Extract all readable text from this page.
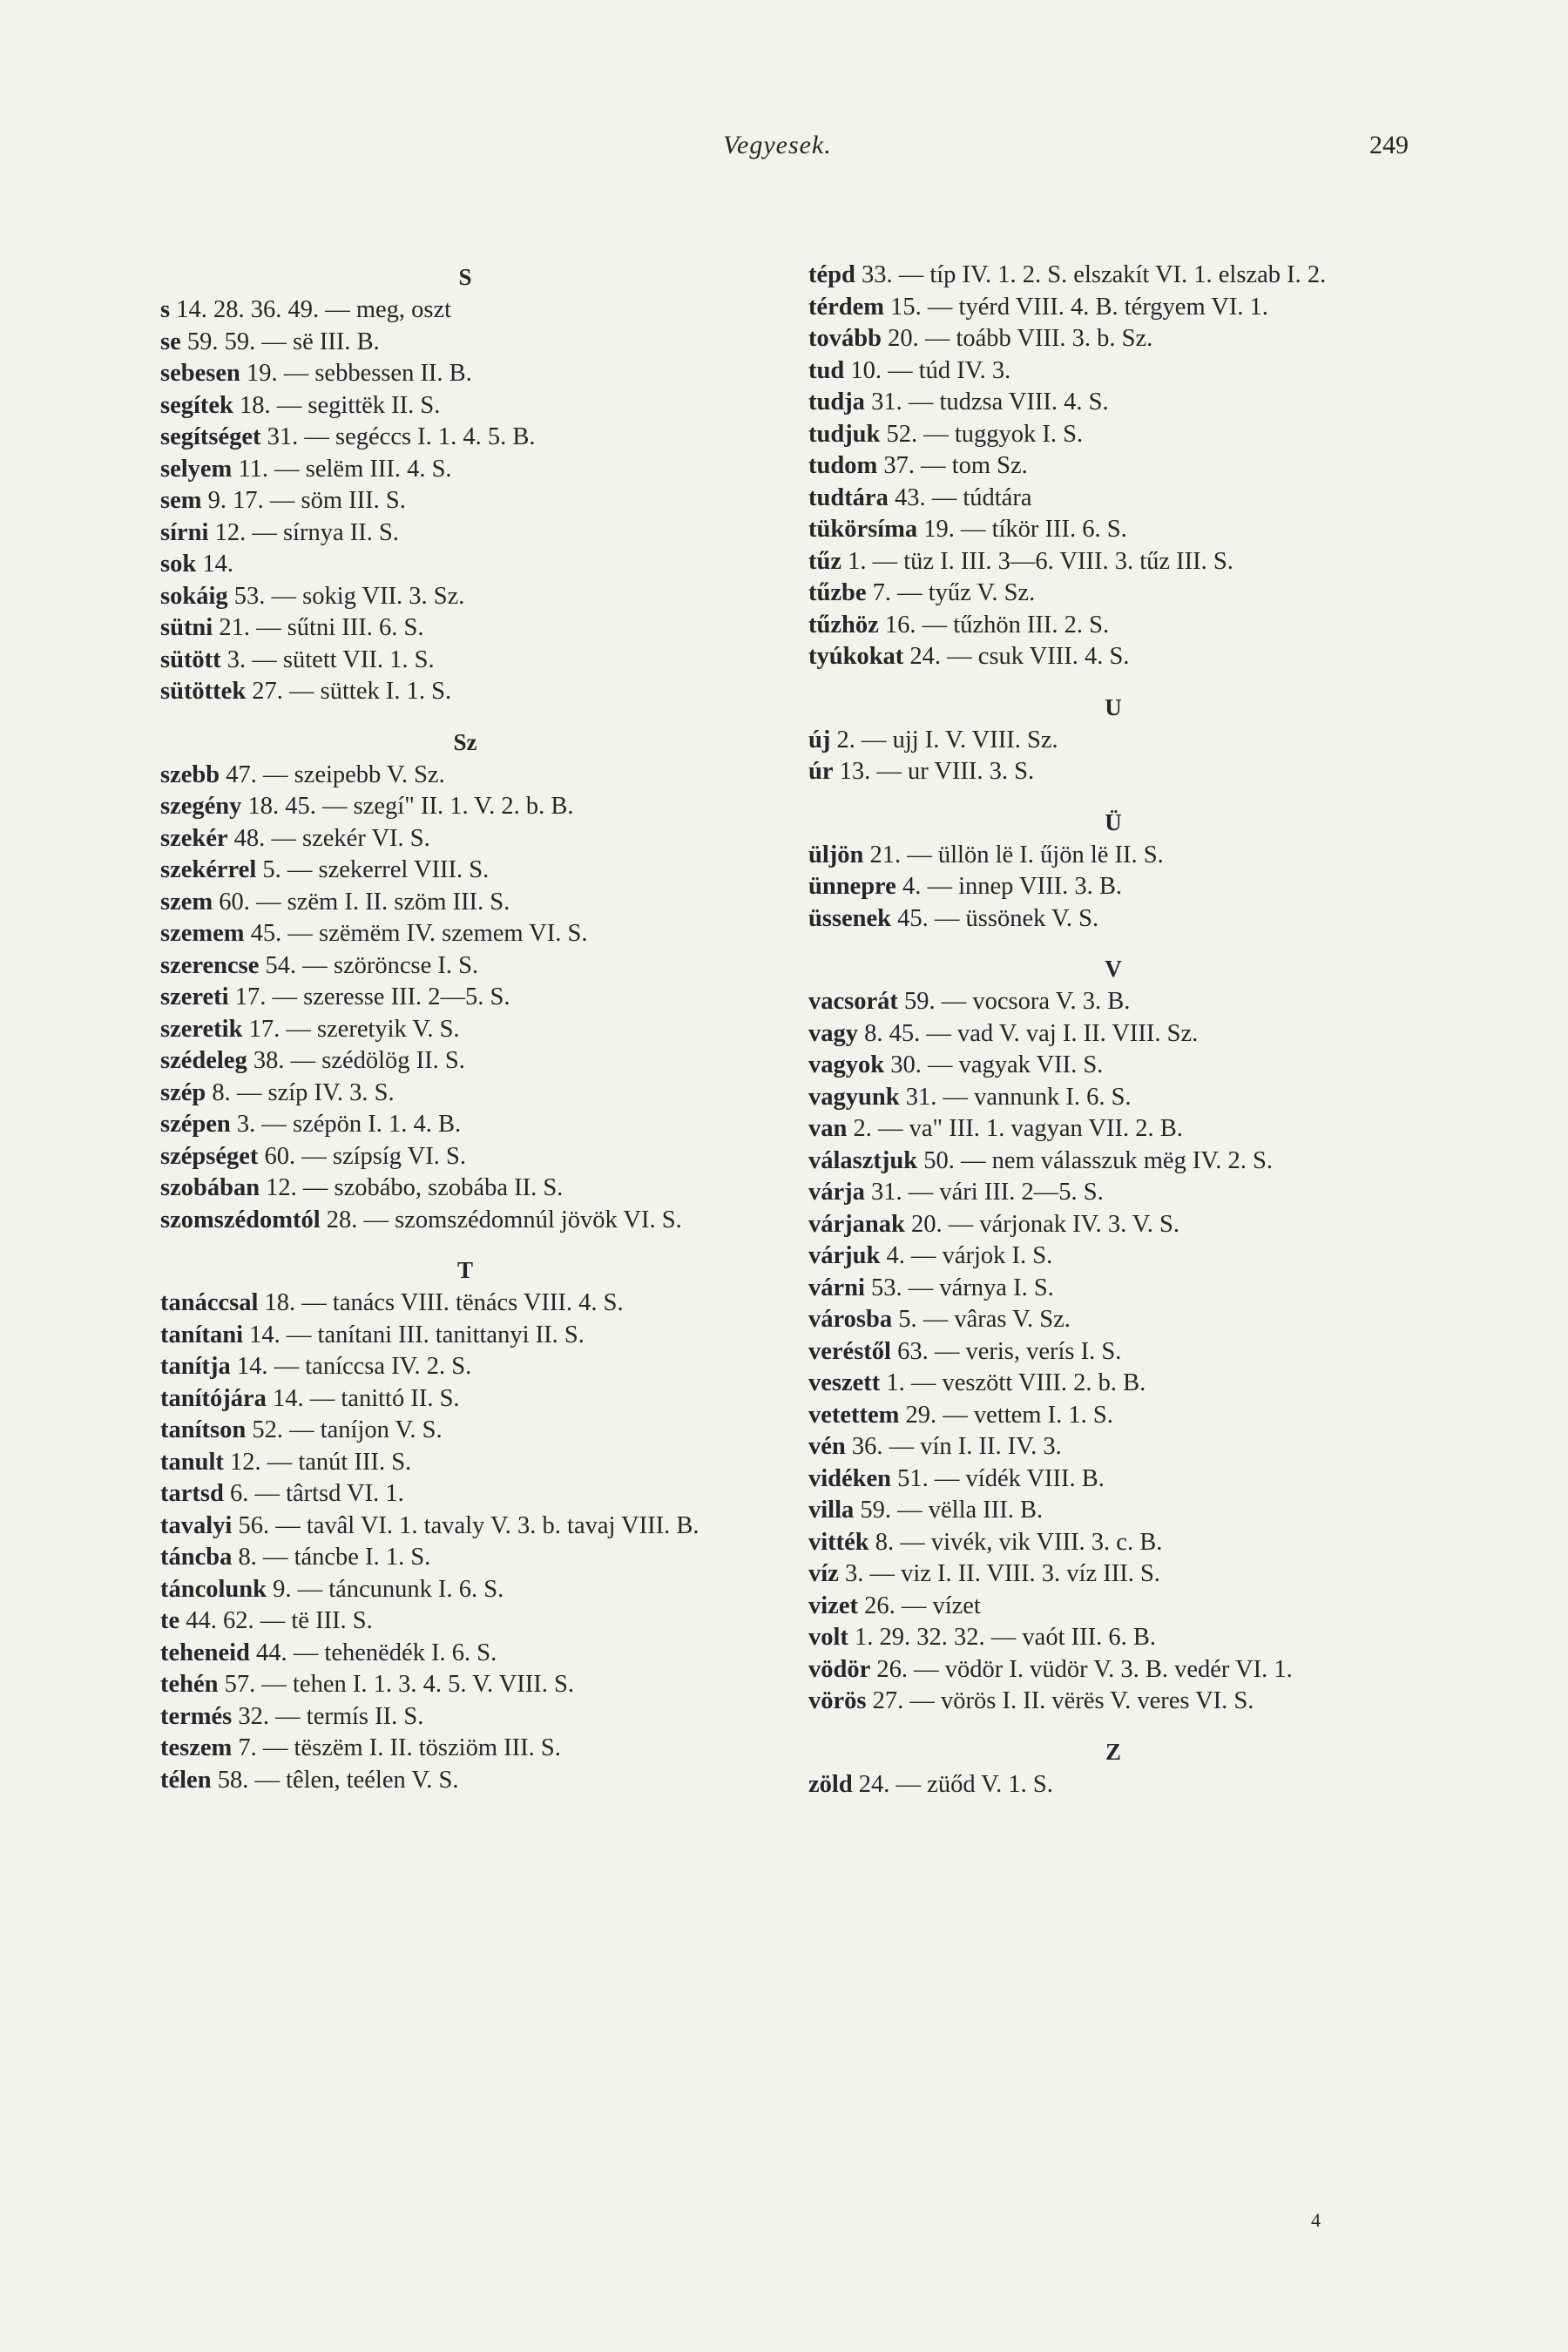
Vegyesek.	249
S
s 14. 28. 36. 49. — meg, oszt
se 59. 59. — së III. B.
sebesen 19. — sebbessen II. B.
segítek 18. — segittëk II. S.
segítséget 31. — segéccs I. 1. 4. 5. B.
selyem 11. — selëm III. 4. S.
sem 9. 17. — söm III. S.
sírni 12. — sírnya II. S.
sok 14.
sokáig 53. — sokig VII. 3. Sz.
sütni 21. — sűtni III. 6. S.
sütött 3. — sütett VII. 1. S.
sütöttek 27. — süttek I. 1. S.
Sz
szebb 47. — szeipebb V. Sz.
szegény 18. 45. — szegí" II. 1. V. 2. b. B.
szekér 48. — szekér VI. S.
szekérrel 5. — szekerrel VIII. S.
szem 60. — szëm I. II. szöm III. S.
szemem 45. — szëmëm IV. szemem VI. S.
szerencse 54. — szöröncse I. S.
szereti 17. — szeresse III. 2—5. S.
szeretik 17. — szeretyik V. S.
szédeleg 38. — szédölög II. S.
szép 8. — szíp IV. 3. S.
szépen 3. — szépön I. 1. 4. B.
szépséget 60. — szípsíg VI. S.
szobában 12. — szobábo, szobába II. S.
szomszédomtól 28. — szomszédomnúl jövök VI. S.
T
tanáccsal 18. — tanács VIII. tënács VIII. 4. S.
tanítani 14. — tanítani III. tanittanyi II. S.
tanítja 14. — taníccsa IV. 2. S.
tanítójára 14. — tanittó II. S.
tanítson 52. — taníjon V. S.
tanult 12. — tanút III. S.
tartsd 6. — târtsd VI. 1.
tavalyi 56. — tavâl VI. 1. tavaly V. 3. b. tavaj VIII. B.
táncba 8. — táncbe I. 1. S.
táncolunk 9. — táncununk I. 6. S.
te 44. 62. — të III. S.
teheneid 44. — tehenëdék I. 6. S.
tehén 57. — tehen I. 1. 3. 4. 5. V. VIII. S.
termés 32. — termís II. S.
teszem 7. — tëszëm I. II. tösziöm III. S.
télen 58. — têlen, teélen V. S.
tépd 33. — típ IV. 1. 2. S. elszakít VI. 1. elszab I. 2.
térdem 15. — tyérd VIII. 4. B. térgyem VI. 1.
tovább 20. — toább VIII. 3. b. Sz.
tud 10. — túd IV. 3.
tudja 31. — tudzsa VIII. 4. S.
tudjuk 52. — tuggyok I. S.
tudom 37. — tom Sz.
tudtára 43. — túdtára
tükörsíma 19. — tíkör III. 6. S.
tűz 1. — tüz I. III. 3—6. VIII. 3. tűz III. S.
tűzbe 7. — tyűz V. Sz.
tűzhöz 16. — tűzhön III. 2. S.
tyúkokat 24. — csuk VIII. 4. S.
U
új 2. — ujj I. V. VIII. Sz.
úr 13. — ur VIII. 3. S.
Ü
üljön 21. — üllön lë I. űjön lë II. S.
ünnepre 4. — innep VIII. 3. B.
üssenek 45. — üssönek V. S.
V
vacsorát 59. — vocsora V. 3. B.
vagy 8. 45. — vad V. vaj I. II. VIII. Sz.
vagyok 30. — vagyak VII. S.
vagyunk 31. — vannunk I. 6. S.
van 2. — va" III. 1. vagyan VII. 2. B.
választjuk 50. — nem válasszuk mëg IV. 2. S.
várja 31. — vári III. 2—5. S.
várjanak 20. — várjonak IV. 3. V. S.
várjuk 4. — várjok I. S.
várni 53. — várnya I. S.
városba 5. — vâras V. Sz.
veréstől 63. — veris, verís I. S.
veszett 1. — veszött VIII. 2. b. B.
vetettem 29. — vettem I. 1. S.
vén 36. — vín I. II. IV. 3.
vidéken 51. — vídék VIII. B.
villa 59. — vëlla III. B.
vitték 8. — vivék, vik VIII. 3. c. B.
víz 3. — viz I. II. VIII. 3. víz III. S.
vizet 26. — vízet
volt 1. 29. 32. 32. — vaót III. 6. B.
vödör 26. — vödör I. vüdör V. 3. B. vedér VI. 1.
vörös 27. — vörös I. II. vërës V. veres VI. S.
Z
zöld 24. — züőd V. 1. S.
4
